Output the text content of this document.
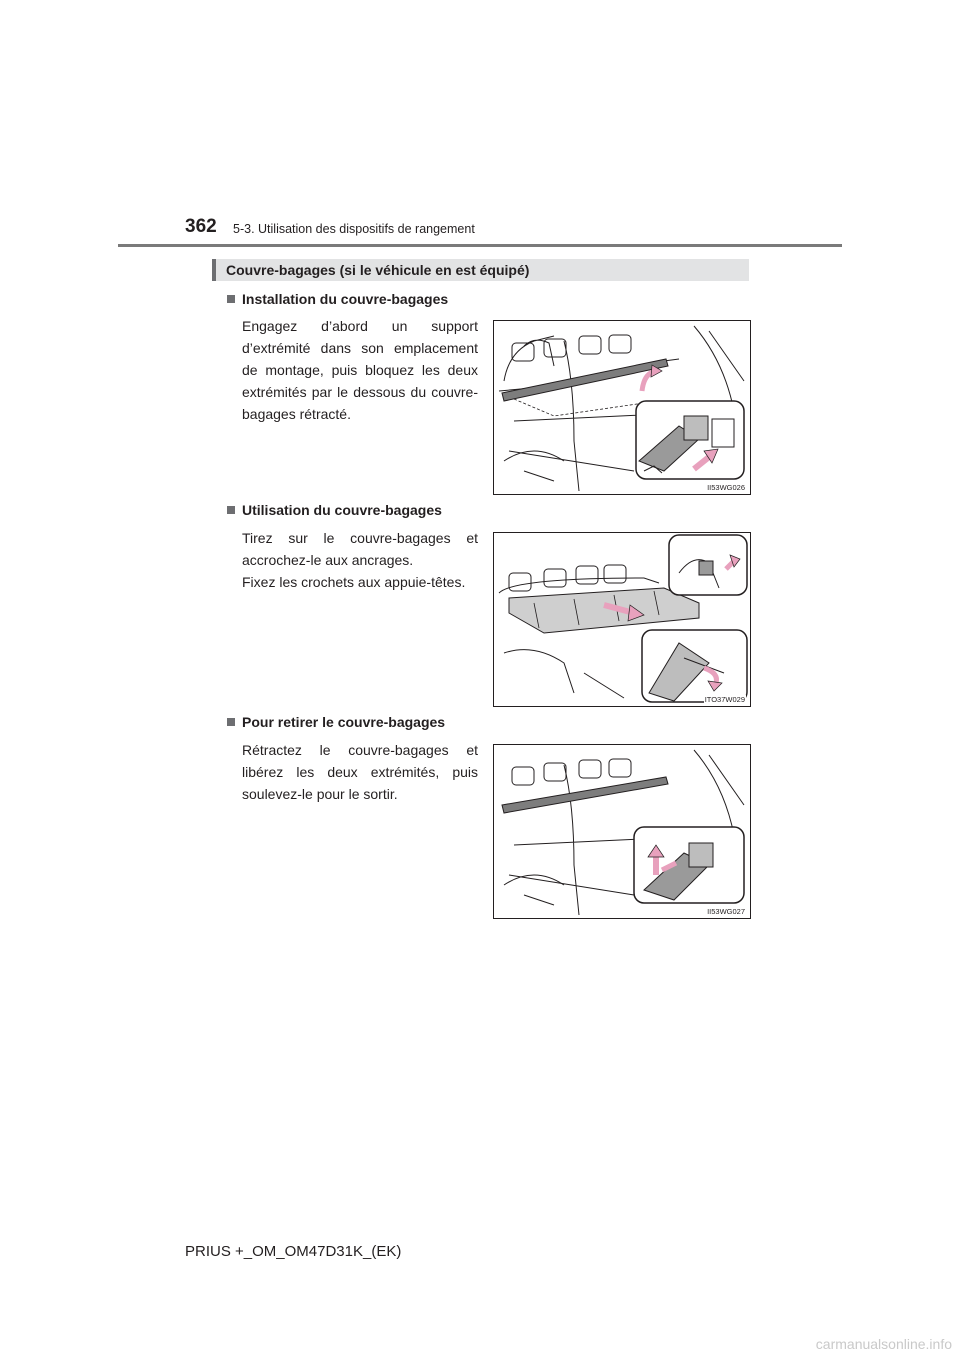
362 5-3. Utilisation des dispositifs de rangement
Couvre-bagages (si le véhicule en est équipé)
Installation du couvre-bagages
Engagez d’abord un support d’extrémité dans son emplacement de montage, puis bloquez les deux extrémités par le dessous du couvre-bagages rétracté.
II53WG026
Utilisation du couvre-bagages
Tirez sur le couvre-bagages et accrochez-le aux ancrages.
Fixez les crochets aux appuie-têtes.
ITO37W029
Pour retirer le couvre-bagages
Rétractez le couvre-bagages et libérez les deux extrémités, puis soulevez-le pour le sortir.
II53WG027
PRIUS +_OM_OM47D31K_(EK)
carmanualsonline.info
